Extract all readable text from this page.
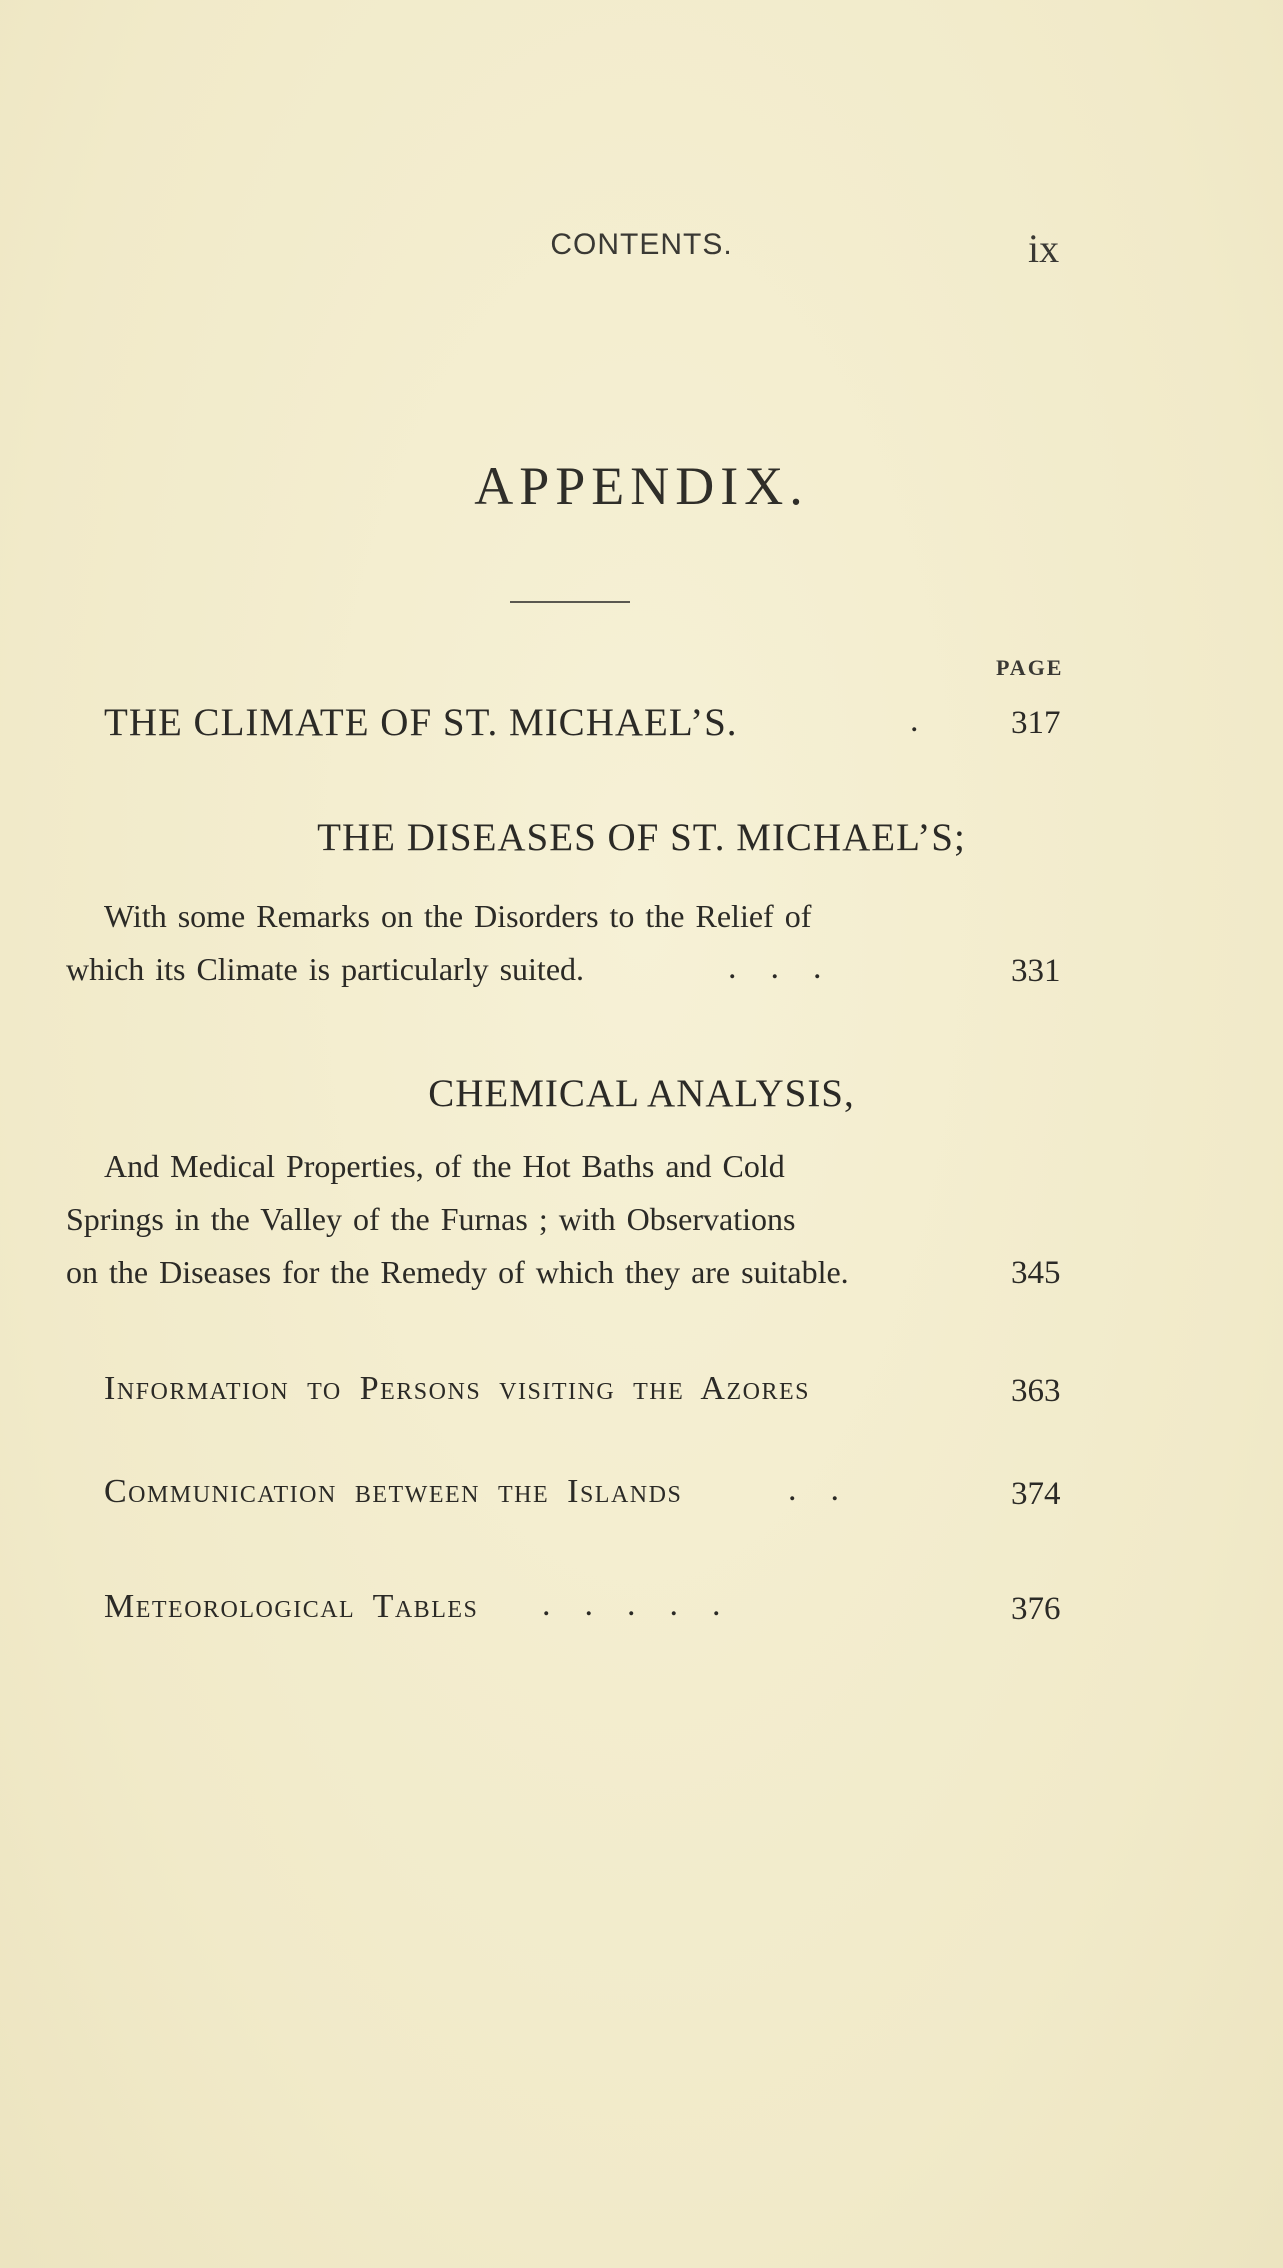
CONTENTS.	ix
APPENDIX.
PAGE
THE CLIMATE OF ST. MICHAEL’S.	.	317
THE DISEASES OF ST. MICHAEL’S;
With some Remarks on the Disorders to the Relief of
which its Climate is particularly suited.	.    .    .	331
CHEMICAL ANALYSIS,
And Medical Properties, of the Hot Baths and Cold
Springs in the Valley of the Furnas ; with Observations
on the Diseases for the Remedy of which they are suitable.	345
Information to Persons visiting the Azores	363
Communication between the Islands	.    .	374
Meteorological Tables .    .    .    .    .	376
